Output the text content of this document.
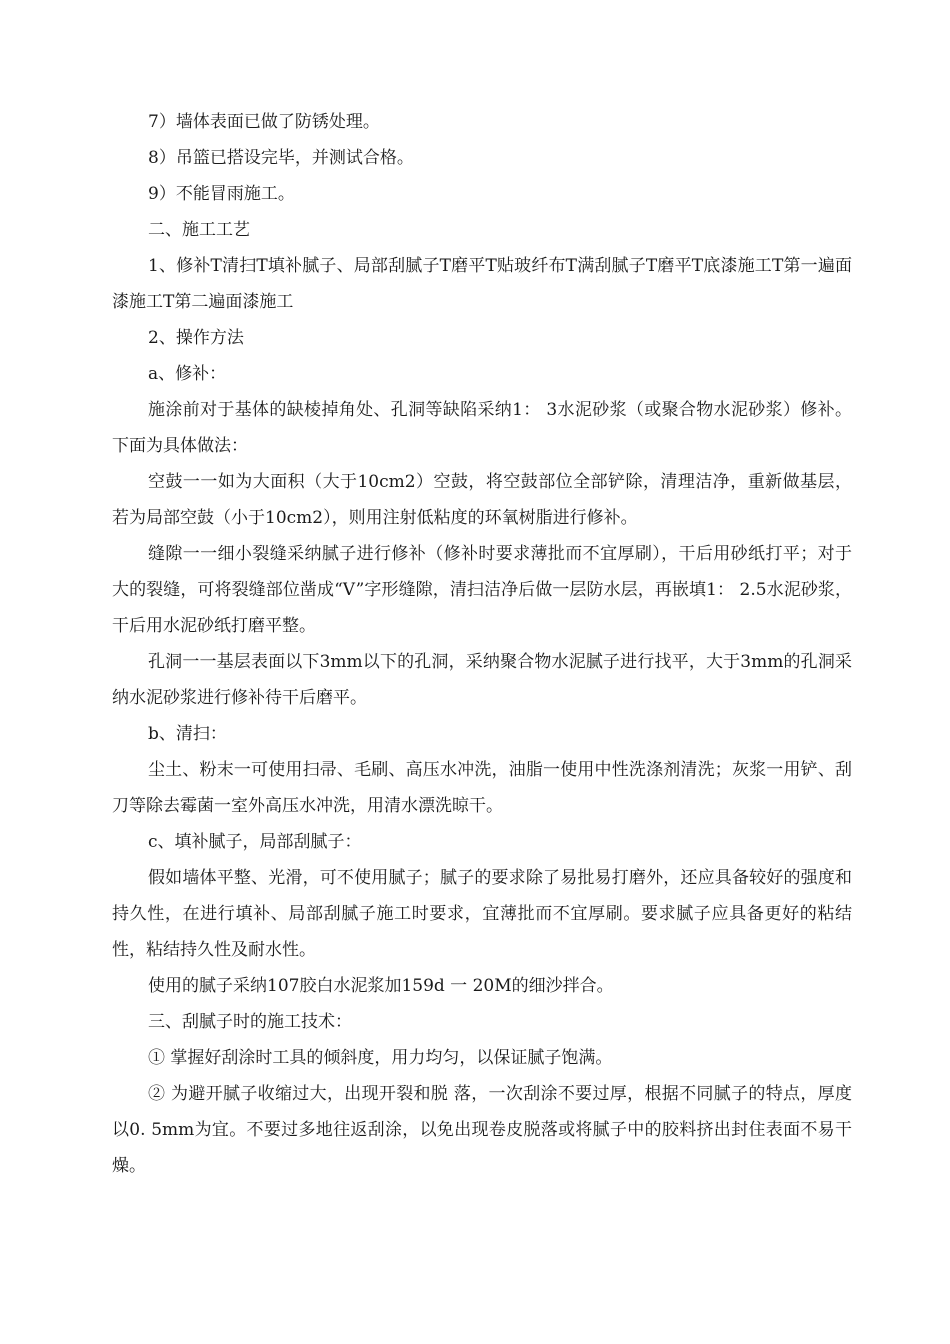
7）墙体表面已做了防锈处理。

8）吊篮已搭设完毕，并测试合格。

9）不能冒雨施工。

二、施工工艺

1、修补T清扫T填补腻子、局部刮腻子T磨平T贴玻纤布T满刮腻子T磨平T底漆施工T第一遍面漆施工T第二遍面漆施工

2、操作方法

a、修补：

施涂前对于基体的缺棱掉角处、孔洞等缺陷采纳1： 3水泥砂浆（或聚合物水泥砂浆）修补。下面为具体做法：

空鼓一一如为大面积（大于10cm2）空鼓，将空鼓部位全部铲除，清理洁净，重新做基层，若为局部空鼓（小于10cm2），则用注射低粘度的环氧树脂进行修补。

缝隙一一细小裂缝采纳腻子进行修补（修补时要求薄批而不宜厚刷），干后用砂纸打平；对于大的裂缝，可将裂缝部位凿成“V”字形缝隙，清扫洁净后做一层防水层，再嵌填1： 2.5水泥砂浆，干后用水泥砂纸打磨平整。

孔洞一一基层表面以下3mm以下的孔洞，采纳聚合物水泥腻子进行找平，大于3mm的孔洞采纳水泥砂浆进行修补待干后磨平。

b、清扫：

尘土、粉末一可使用扫帚、毛刷、高压水冲洗，油脂一使用中性洗涤剂清洗；灰浆一用铲、刮刀等除去霉菌一室外高压水冲洗，用清水漂洗晾干。

c、填补腻子，局部刮腻子：

假如墙体平整、光滑，可不使用腻子；腻子的要求除了易批易打磨外，还应具备较好的强度和持久性，在进行填补、局部刮腻子施工时要求，宜薄批而不宜厚刷。要求腻子应具备更好的粘结性，粘结持久性及耐水性。

使用的腻子采纳107胶白水泥浆加159d 一 20M的细沙拌合。

三、刮腻子时的施工技术：

① 掌握好刮涂时工具的倾斜度，用力均匀，以保证腻子饱满。

② 为避开腻子收缩过大，出现开裂和脱 落，一次刮涂不要过厚，根据不同腻子的特点，厚度以0. 5mm为宜。不要过多地往返刮涂，以免出现卷皮脱落或将腻子中的胶料挤出封住表面不易干燥。
